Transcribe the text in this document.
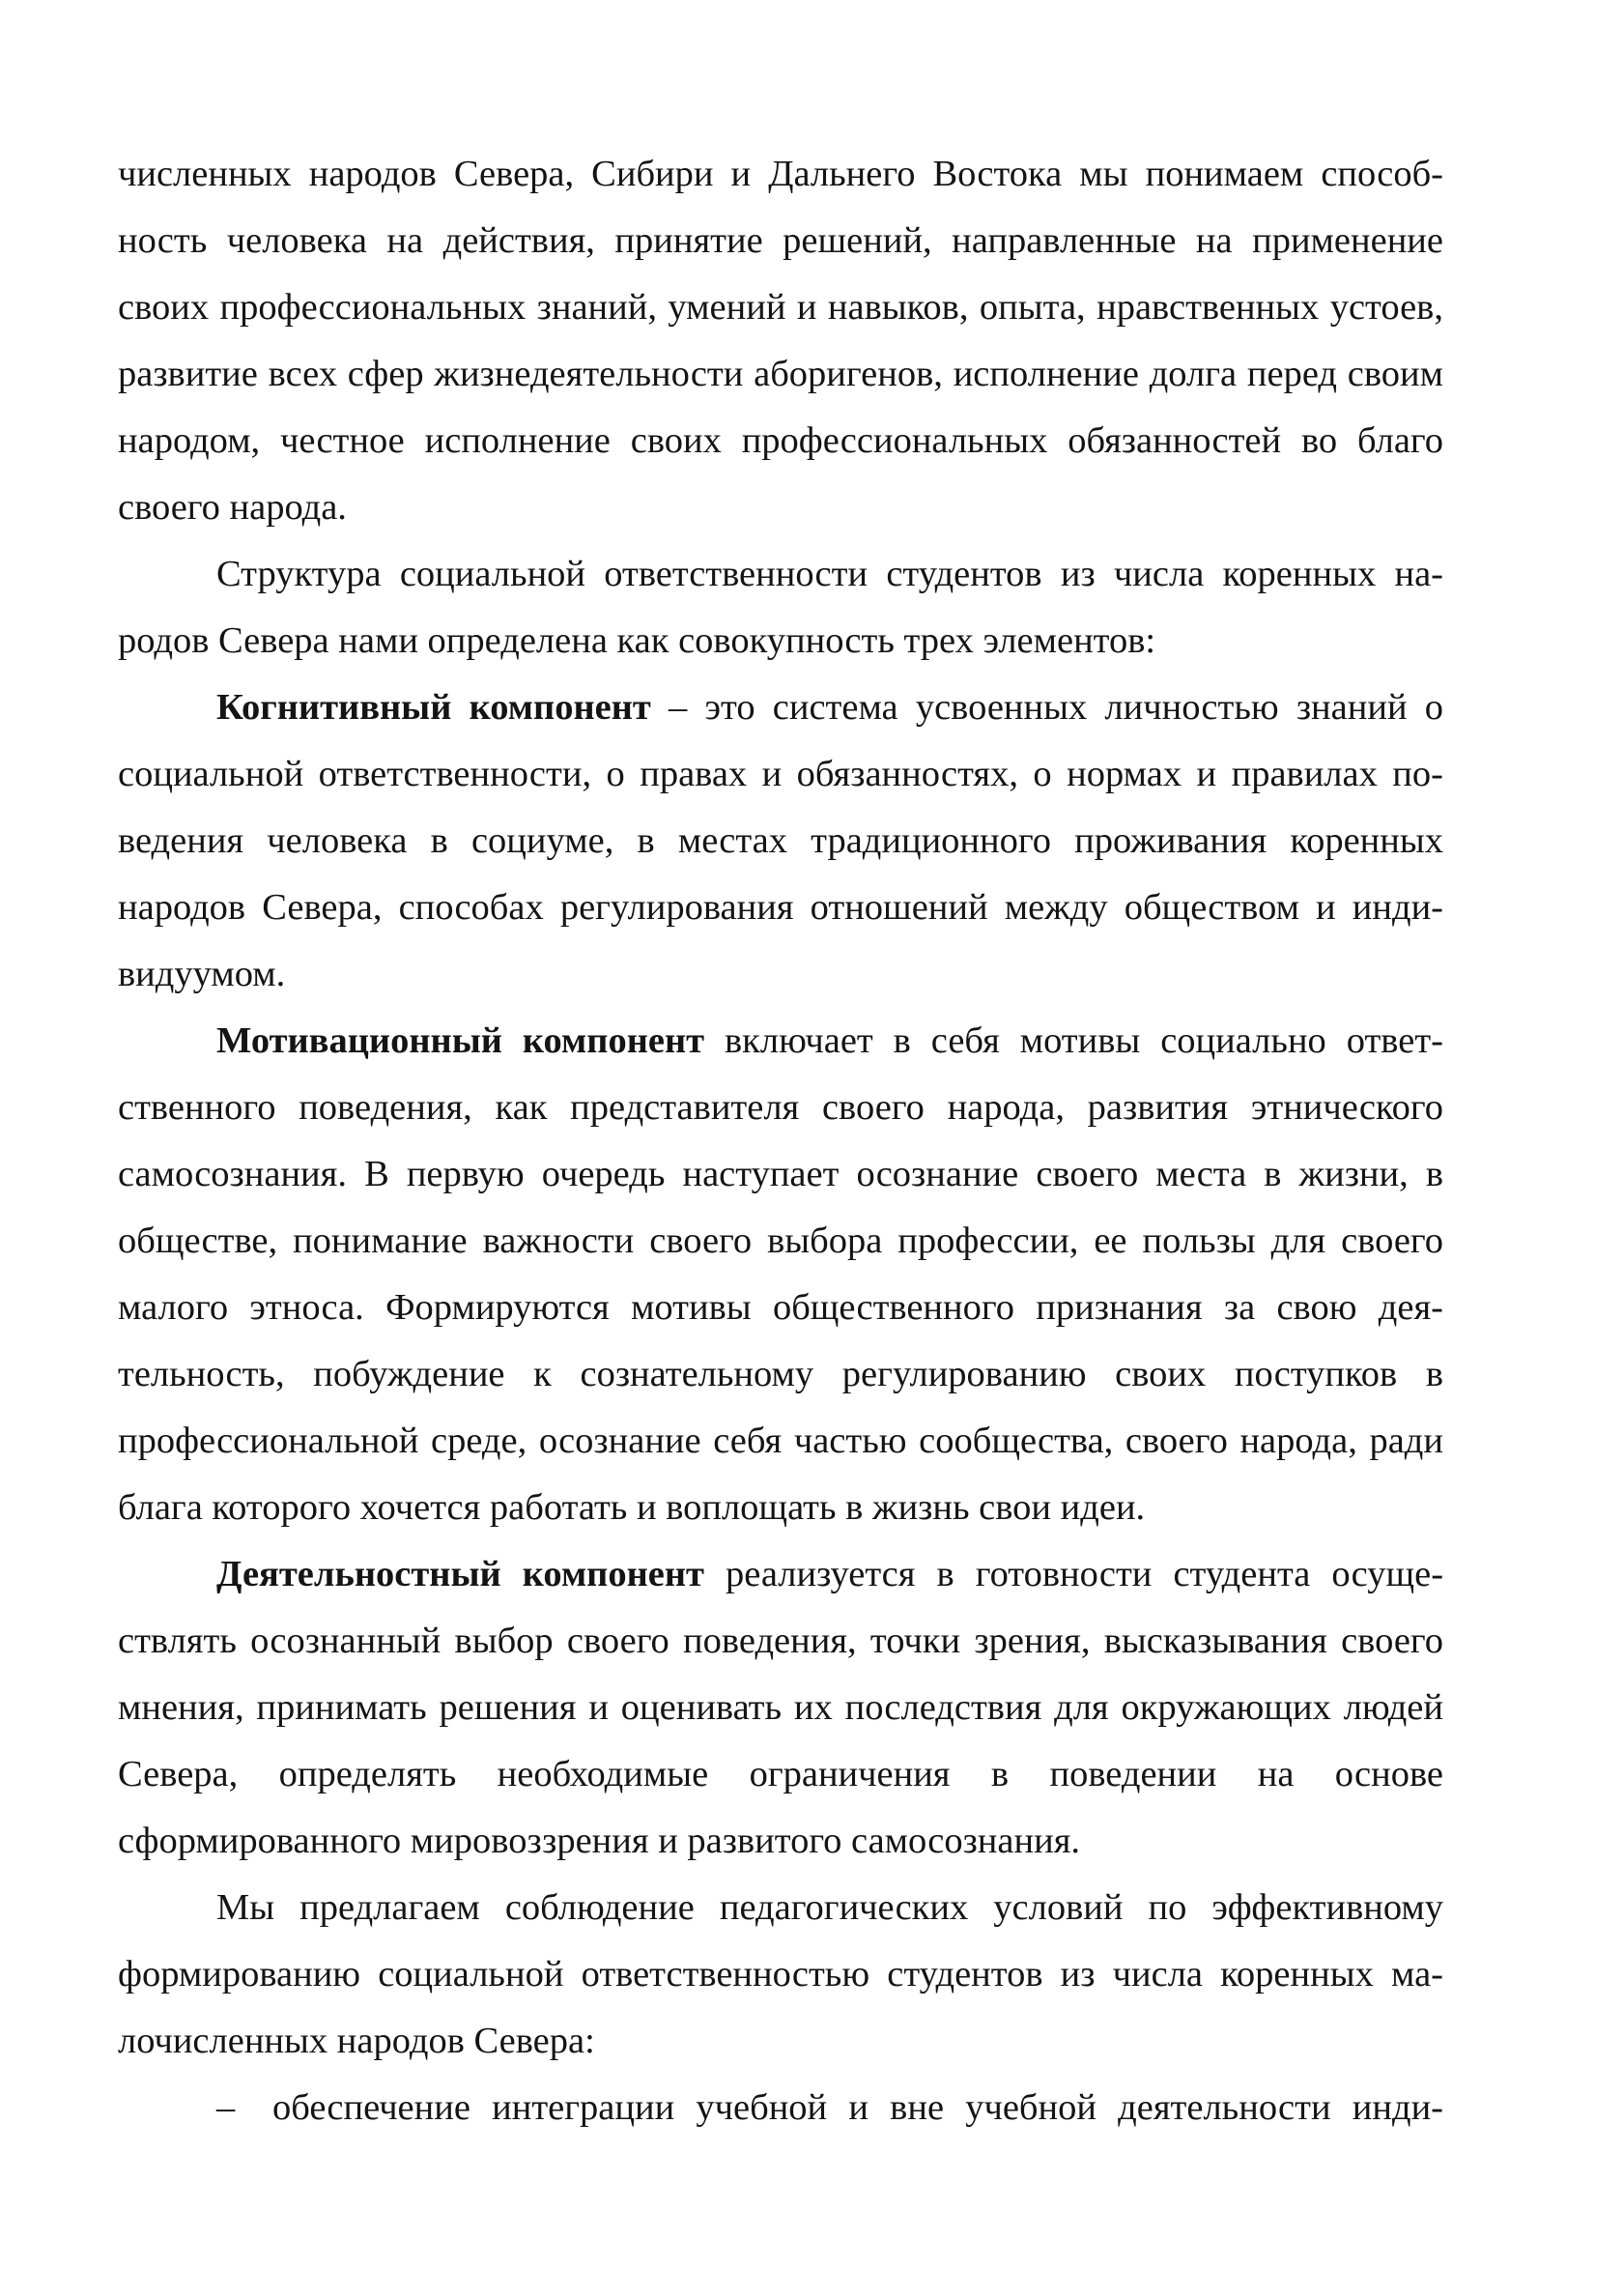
численных народов Севера, Сибири и Дальнего Востока мы понимаем способность человека на действия, принятие решений, направленные на применение своих профессиональных знаний, умений и навыков, опыта, нравственных устоев, развитие всех сфер жизнедеятельности аборигенов, исполнение долга перед своим народом, честное исполнение своих профессиональных обязанностей во благо своего народа.

Структура социальной ответственности студентов из числа коренных народов Севера нами определена как совокупность трех элементов:

Когнитивный компонент – это система усвоенных личностью знаний о социальной ответственности, о правах и обязанностях, о нормах и правилах поведения человека в социуме, в местах традиционного проживания коренных народов Севера, способах регулирования отношений между обществом и индивидуумом.

Мотивационный компонент включает в себя мотивы социально ответственного поведения, как представителя своего народа, развития этнического самосознания. В первую очередь наступает осознание своего места в жизни, в обществе, понимание важности своего выбора профессии, ее пользы для своего малого этноса. Формируются мотивы общественного признания за свою деятельность, побуждение к сознательному регулированию своих поступков в профессиональной среде, осознание себя частью сообщества, своего народа, ради блага которого хочется работать и воплощать в жизнь свои идеи.

Деятельностный компонент реализуется в готовности студента осуществлять осознанный выбор своего поведения, точки зрения, высказывания своего мнения, принимать решения и оценивать их последствия для окружающих людей Севера, определять необходимые ограничения в поведении на основе сформированного мировоззрения и развитого самосознания.

Мы предлагаем соблюдение педагогических условий по эффективному формированию социальной ответственностью студентов из числа коренных малочисленных народов Севера:

– обеспечение интеграции учебной и вне учебной деятельности инди-
